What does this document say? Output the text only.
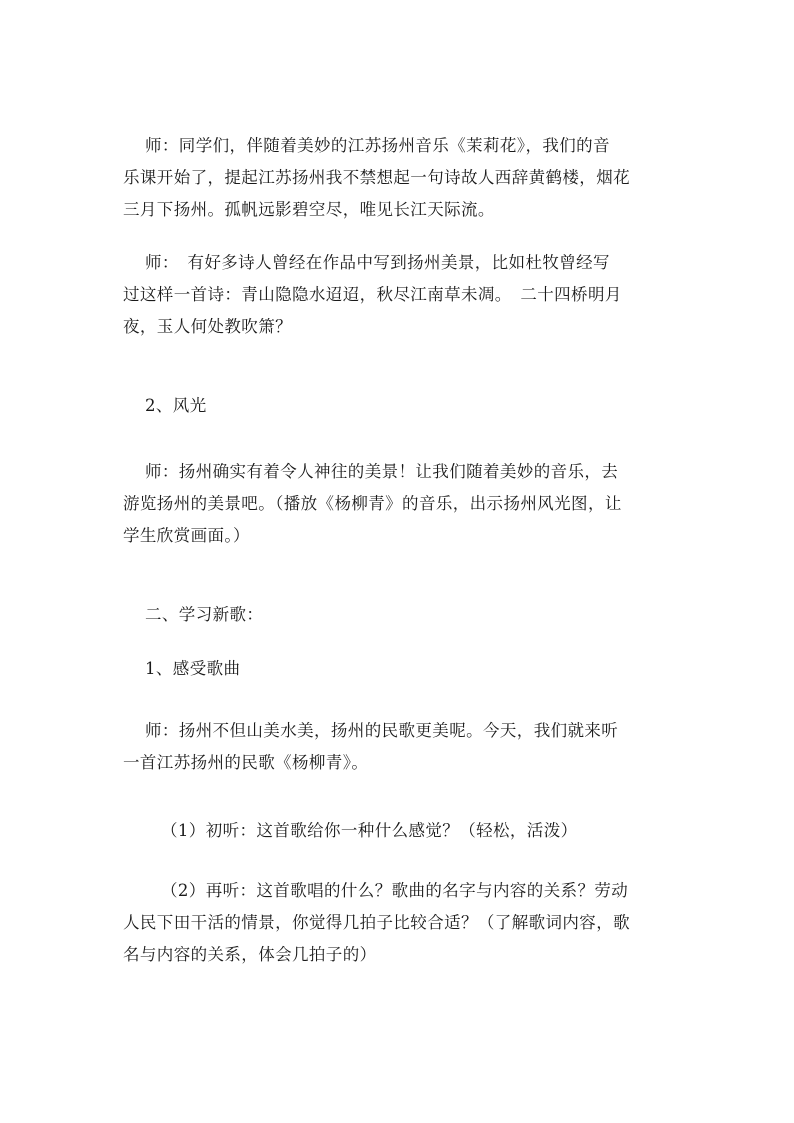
师：同学们，伴随着美妙的江苏扬州音乐《茉莉花》，我们的音
乐课开始了，提起江苏扬州我不禁想起一句诗故人西辞黄鹤楼，烟花
三月下扬州。孤帆远影碧空尽，唯见长江天际流。

师：　有好多诗人曾经在作品中写到扬州美景，比如杜牧曾经写
过这样一首诗：青山隐隐水迢迢，秋尽江南草未凋。　二十四桥明月
夜，玉人何处教吹箫？

2、风光

师：扬州确实有着令人神往的美景！让我们随着美妙的音乐，去
游览扬州的美景吧。（播放《杨柳青》的音乐，出示扬州风光图，让
学生欣赏画面。）

二、学习新歌：

1、感受歌曲

师：扬州不但山美水美，扬州的民歌更美呢。今天，我们就来听
一首江苏扬州的民歌《杨柳青》。

（1）初听：这首歌给你一种什么感觉？（轻松，活泼）

（2）再听：这首歌唱的什么？歌曲的名字与内容的关系？劳动
人民下田干活的情景，你觉得几拍子比较合适？（了解歌词内容，歌
名与内容的关系，体会几拍子的）
